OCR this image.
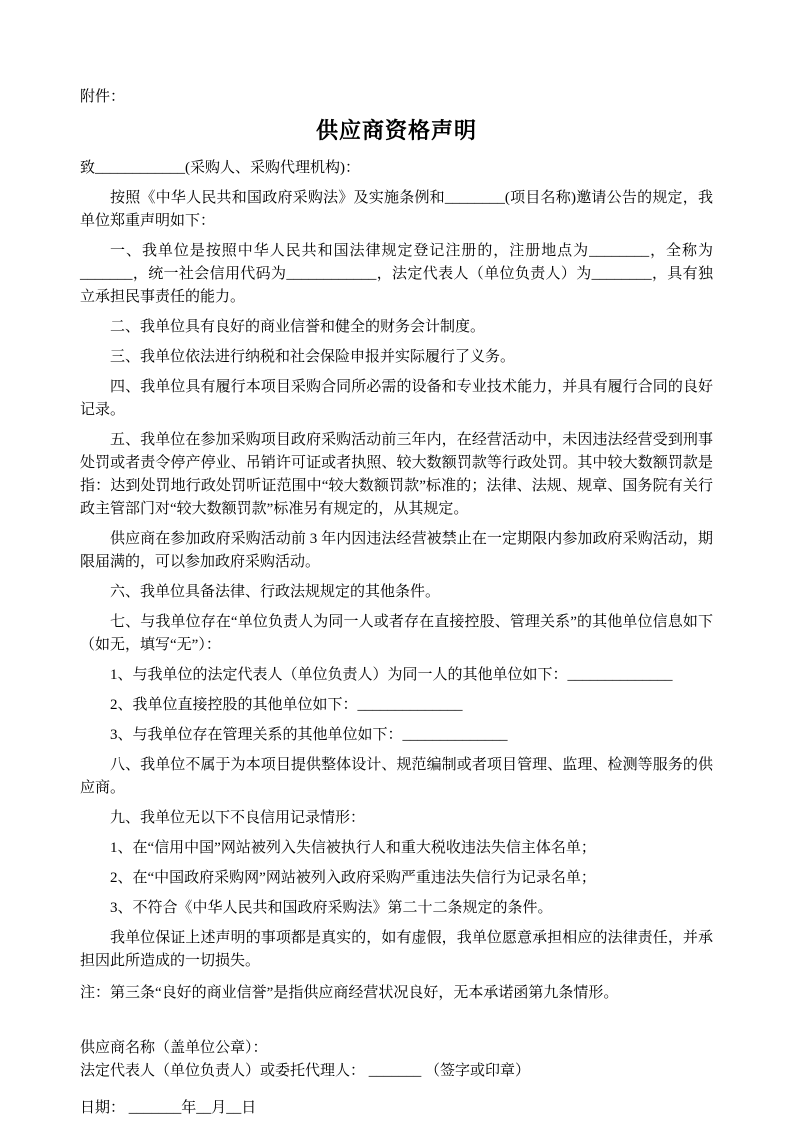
附件：

供应商资格声明

致____________(采购人、采购代理机构)：

按照《中华人民共和国政府采购法》及实施条例和________(项目名称)邀请公告的规定，我单位郑重声明如下：

一、我单位是按照中华人民共和国法律规定登记注册的，注册地点为________，全称为_______，统一社会信用代码为____________，法定代表人（单位负责人）为________，具有独立承担民事责任的能力。

二、我单位具有良好的商业信誉和健全的财务会计制度。

三、我单位依法进行纳税和社会保险申报并实际履行了义务。

四、我单位具有履行本项目采购合同所必需的设备和专业技术能力，并具有履行合同的良好记录。

五、我单位在参加采购项目政府采购活动前三年内，在经营活动中，未因违法经营受到刑事处罚或者责令停产停业、吊销许可证或者执照、较大数额罚款等行政处罚。其中较大数额罚款是指：达到处罚地行政处罚听证范围中“较大数额罚款”标准的；法律、法规、规章、国务院有关行政主管部门对“较大数额罚款”标准另有规定的，从其规定。

供应商在参加政府采购活动前 3 年内因违法经营被禁止在一定期限内参加政府采购活动，期限届满的，可以参加政府采购活动。

六、我单位具备法律、行政法规规定的其他条件。

七、与我单位存在“单位负责人为同一人或者存在直接控股、管理关系”的其他单位信息如下（如无，填写“无”）：

1、与我单位的法定代表人（单位负责人）为同一人的其他单位如下：______________

2、我单位直接控股的其他单位如下：______________

3、与我单位存在管理关系的其他单位如下：______________

八、我单位不属于为本项目提供整体设计、规范编制或者项目管理、监理、检测等服务的供应商。

九、我单位无以下不良信用记录情形：

1、在“信用中国”网站被列入失信被执行人和重大税收违法失信主体名单；

2、在“中国政府采购网”网站被列入政府采购严重违法失信行为记录名单；

3、不符合《中华人民共和国政府采购法》第二十二条规定的条件。

我单位保证上述声明的事项都是真实的，如有虚假，我单位愿意承担相应的法律责任，并承担因此所造成的一切损失。

注：第三条“良好的商业信誉”是指供应商经营状况良好，无本承诺函第九条情形。

供应商名称（盖单位公章）：

法定代表人（单位负责人）或委托代理人： _______ （签字或印章）

日期： _______年__月__日
